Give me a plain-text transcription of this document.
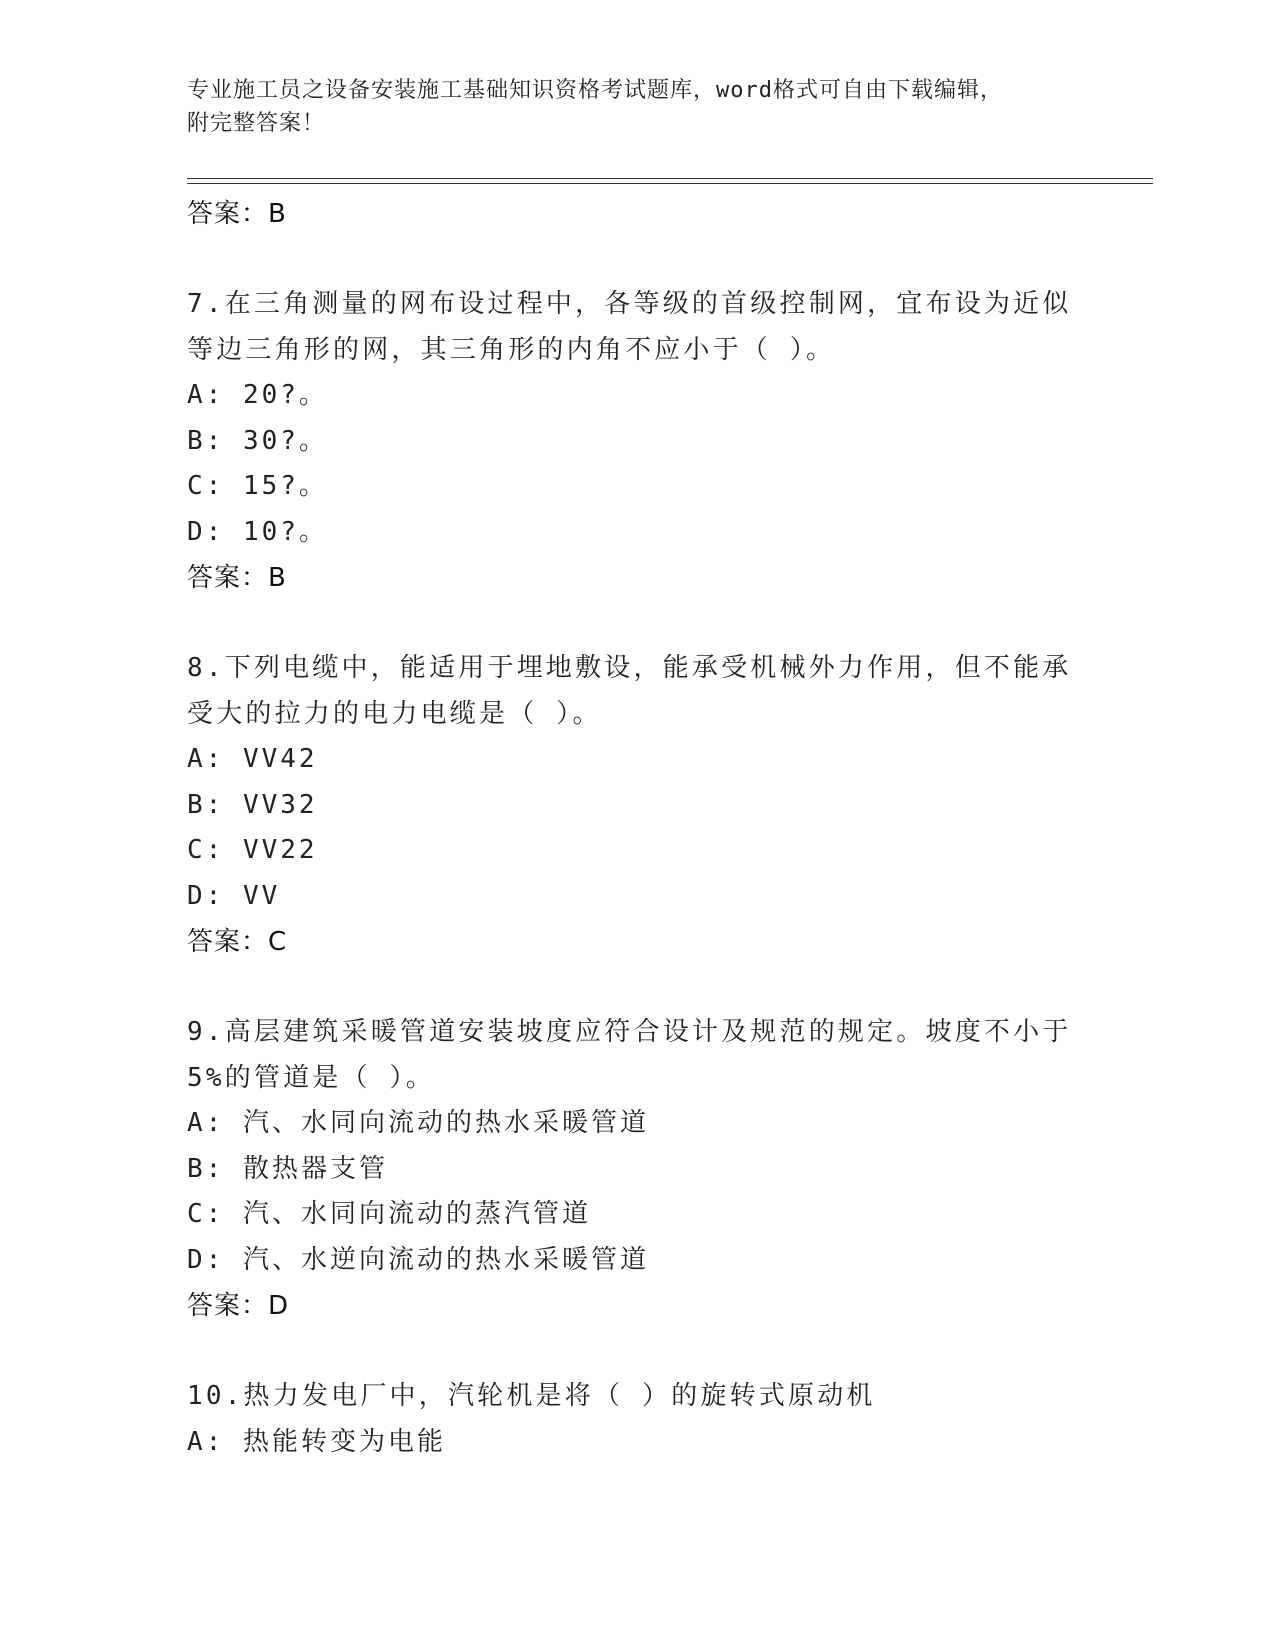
专业施工员之设备安装施工基础知识资格考试题库，word格式可自由下载编辑，
附完整答案！
答案：B
7.在三角测量的网布设过程中，各等级的首级控制网，宜布设为近似
等边三角形的网，其三角形的内角不应小于（ ）。
A: 20?。
B: 30?。
C: 15?。
D: 10?。
答案：B
8.下列电缆中，能适用于埋地敷设，能承受机械外力作用，但不能承
受大的拉力的电力电缆是（ ）。
A: VV42
B: VV32
C: VV22
D: VV
答案：C
9.高层建筑采暖管道安装坡度应符合设计及规范的规定。坡度不小于
5%的管道是（ ）。
A: 汽、水同向流动的热水采暖管道
B: 散热器支管
C: 汽、水同向流动的蒸汽管道
D: 汽、水逆向流动的热水采暖管道
答案：D
10.热力发电厂中，汽轮机是将（ ）的旋转式原动机
A: 热能转变为电能
